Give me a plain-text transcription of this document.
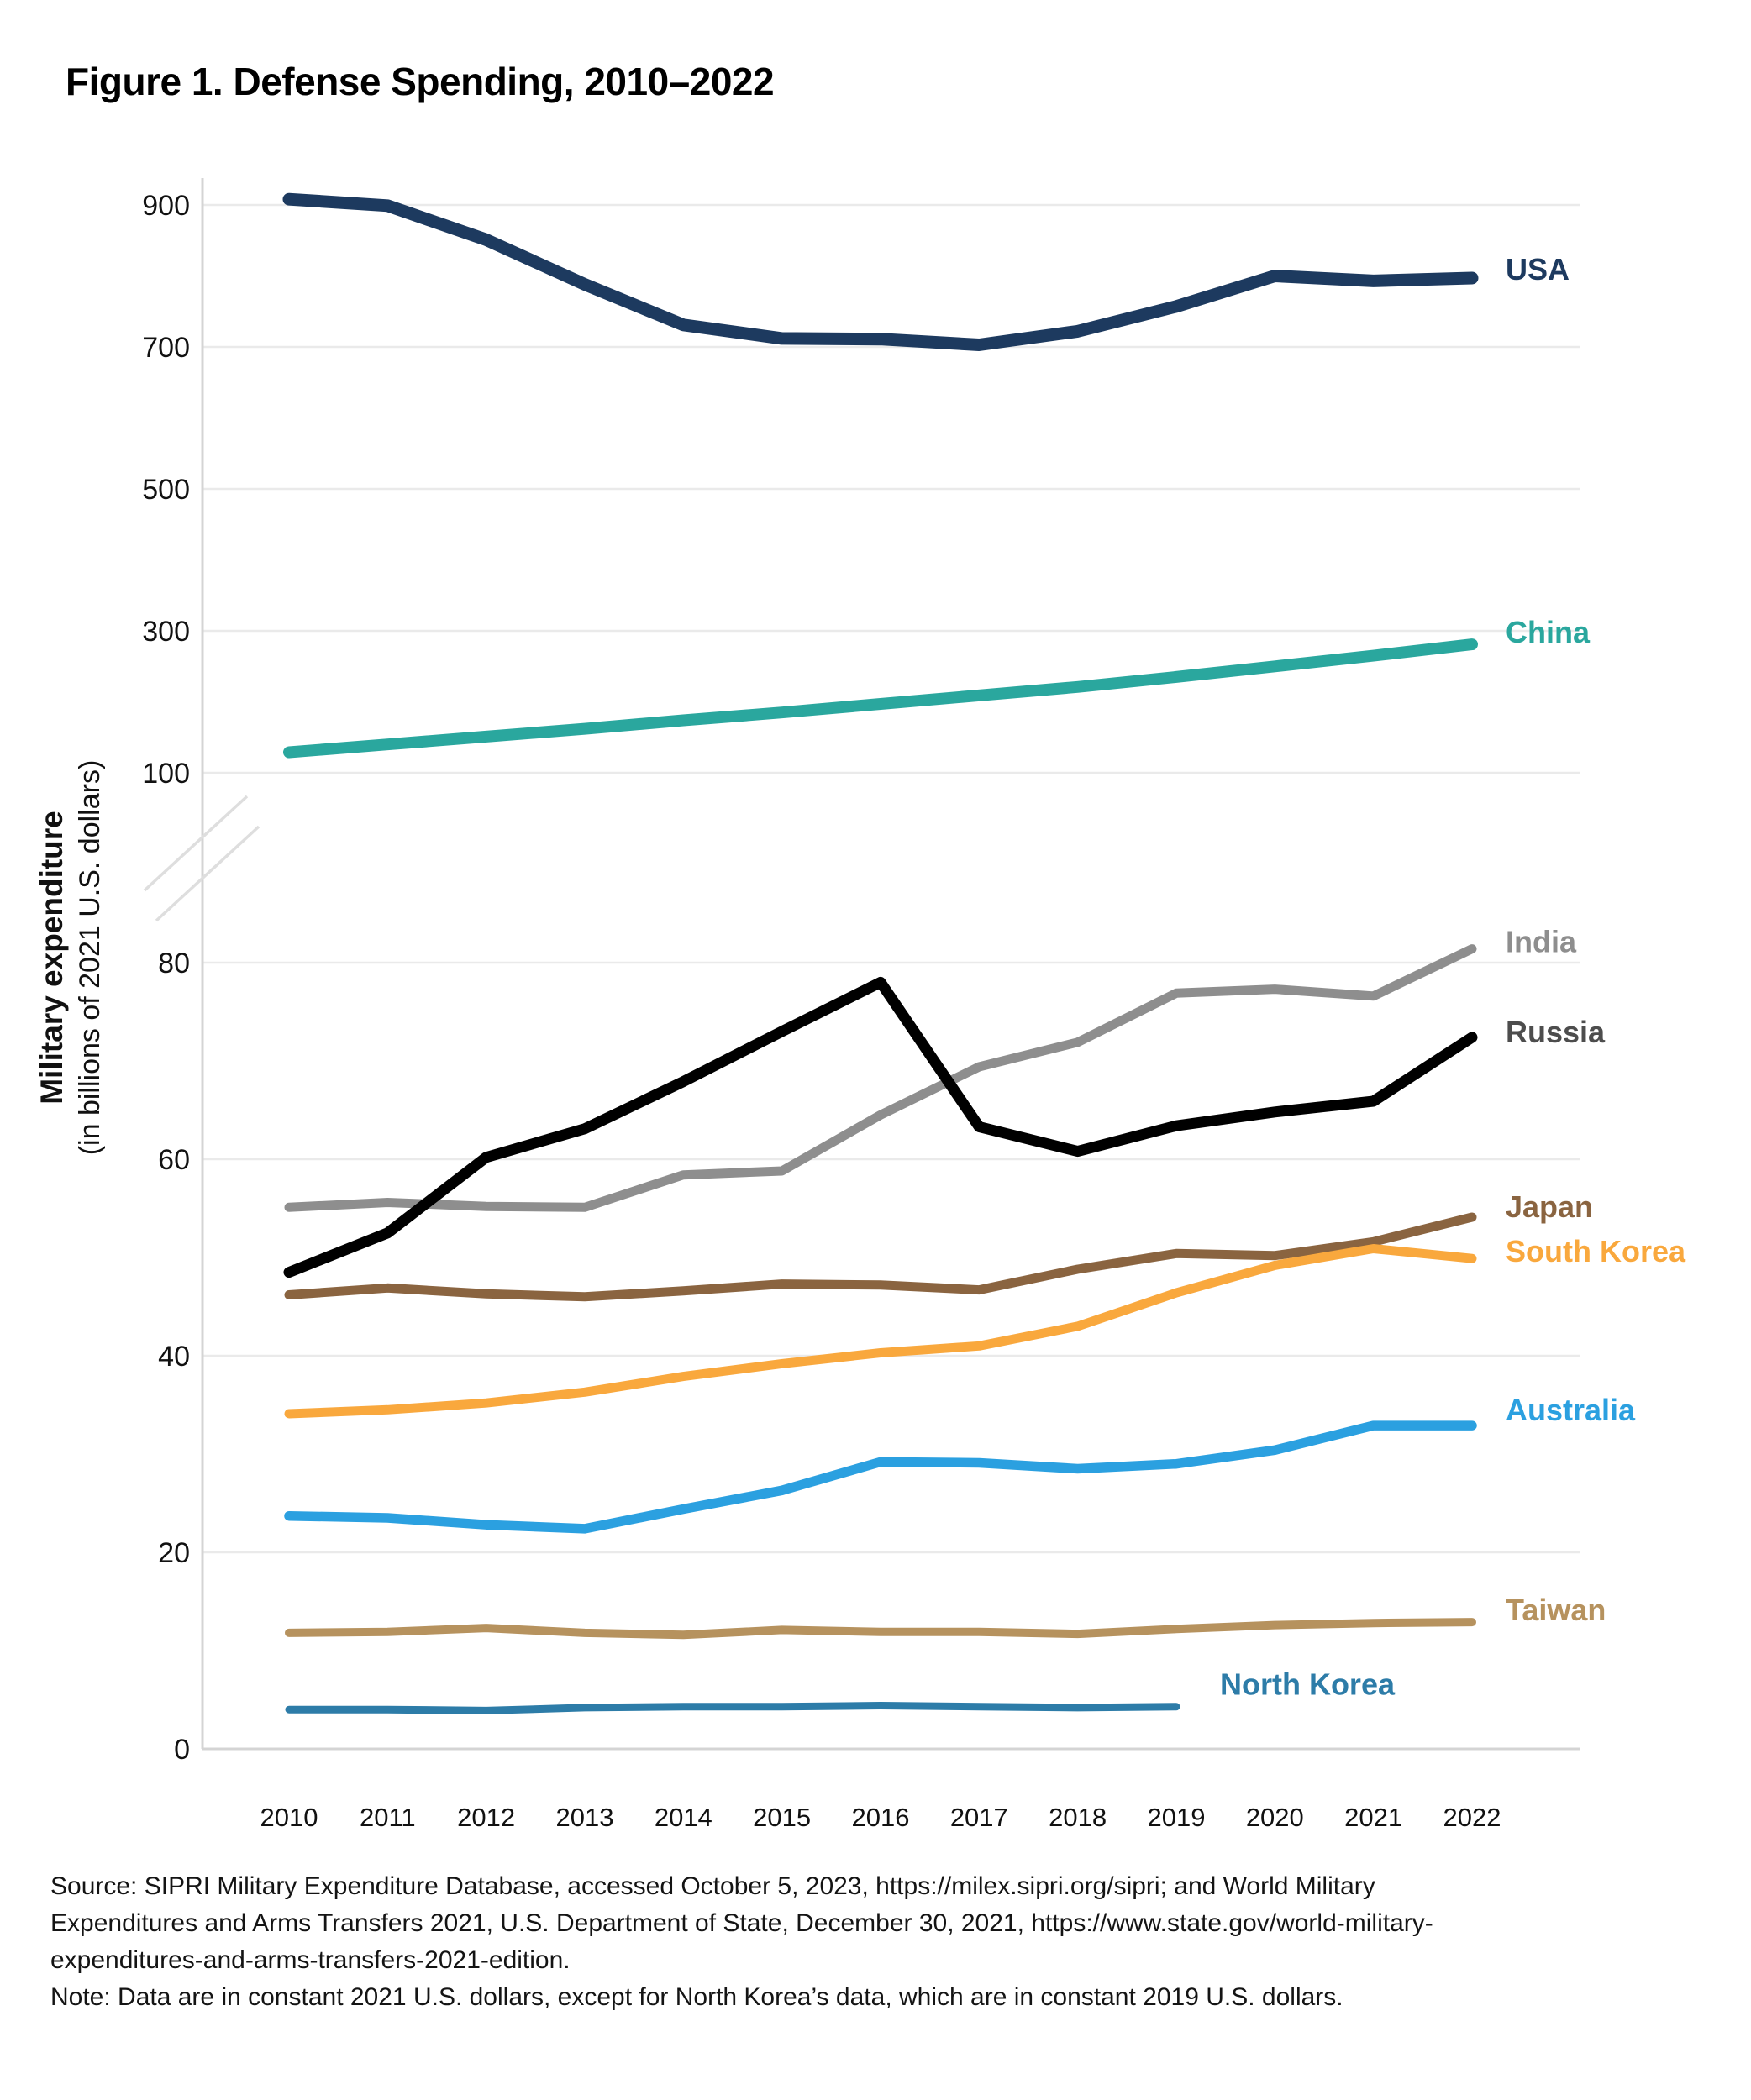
Figure 1. Defense Spending, 2010–2022
Military expenditure (in billions of 2021 U.S. dollars)
900
700
500
300
100
80
60
40
20
0
USA
China
India
Russia
Japan
South Korea
Australia
Taiwan
North Korea
2010 2011 2012 2013 2014 2015 2016 2017 2018 2019 2020 2021 2022
Source: SIPRI Military Expenditure Database, accessed October 5, 2023, https://milex.sipri.org/sipri; and World Military
Expenditures and Arms Transfers 2021, U.S. Department of State, December 30, 2021, https://www.state.gov/world-military-
expenditures-and-arms-transfers-2021-edition.
Note: Data are in constant 2021 U.S. dollars, except for North Korea’s data, which are in constant 2019 U.S. dollars.
